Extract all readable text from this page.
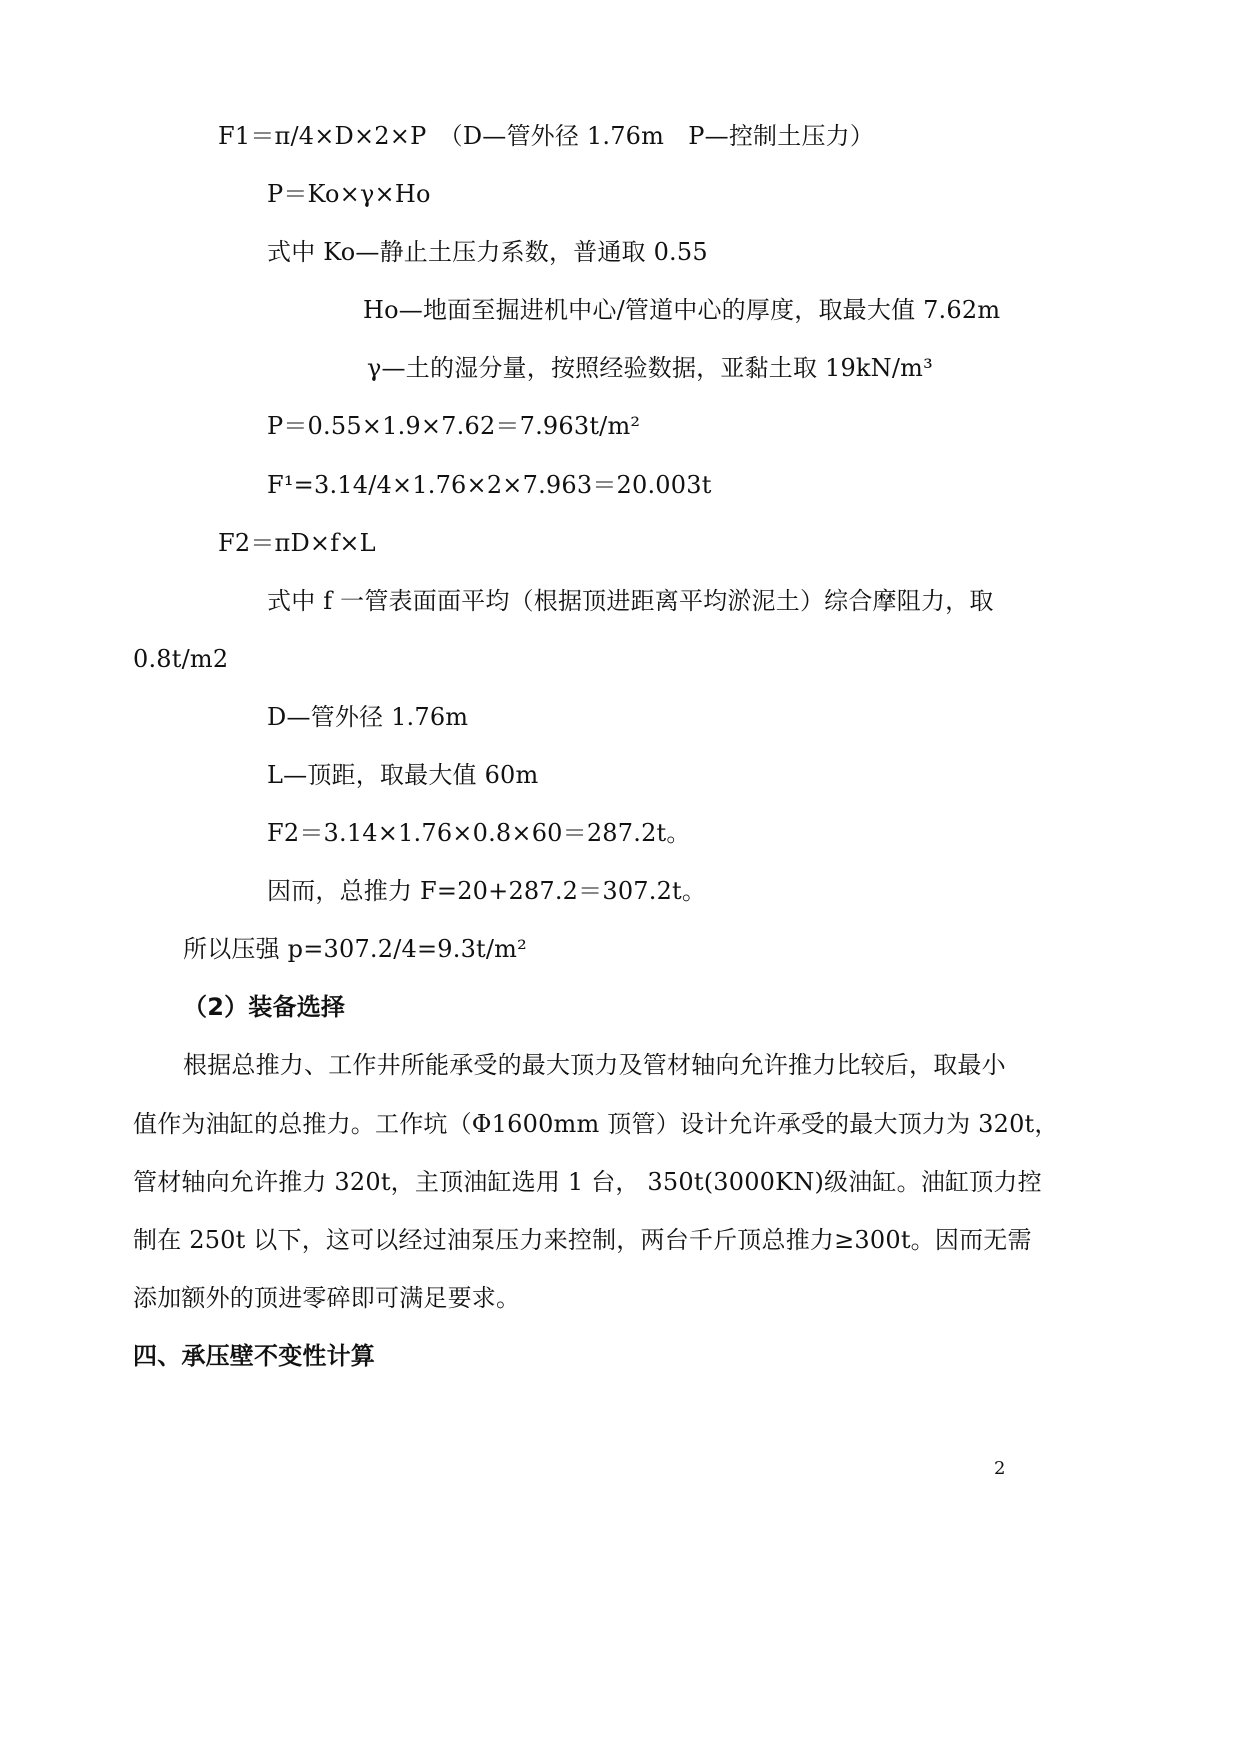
F1＝π/4×D×2×P　（D—管外径 1.76m　P—控制土压力）
P＝Ko×γ×Ho
式中 Ko—静止土压力系数，普通取 0.55
Ho—地面至掘进机中心/管道中心的厚度，取最大值 7.62m
γ—土的湿分量，按照经验数据，亚黏土取 19kN/m³
P＝0.55×1.9×7.62＝7.963t/m²
F¹=3.14/4×1.76×2×7.963＝20.003t
F2＝πD×f×L
式中 f 一管表面面平均（根据顶进距离平均淤泥土）综合摩阻力，取
0.8t/m2
D—管外径 1.76m
L—顶距，取最大值 60m
F2＝3.14×1.76×0.8×60＝287.2t。
因而，总推力 F=20+287.2＝307.2t。
所以压强 p=307.2/4=9.3t/m²
（2）装备选择
根据总推力、工作井所能承受的最大顶力及管材轴向允许推力比较后，取最小
值作为油缸的总推力。工作坑（Φ1600mm 顶管）设计允许承受的最大顶力为 320t，
管材轴向允许推力 320t，主顶油缸选用 1 台， 350t(3000KN)级油缸。油缸顶力控
制在 250t 以下，这可以经过油泵压力来控制，两台千斤顶总推力≥300t。因而无需
添加额外的顶进零碎即可满足要求。
四、承压壁不变性计算
2
